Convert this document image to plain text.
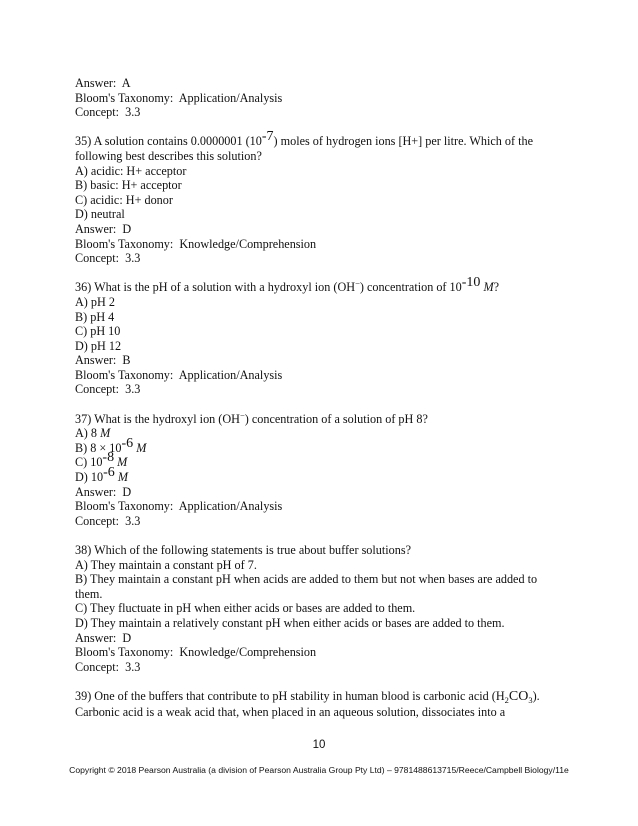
Answer:  A
Bloom's Taxonomy:  Application/Analysis
Concept:  3.3
35) A solution contains 0.0000001 (10-7) moles of hydrogen ions [H+] per litre. Which of the
following best describes this solution?
A) acidic: H+ acceptor
B) basic: H+ acceptor
C) acidic: H+ donor
D) neutral
Answer:  D
Bloom's Taxonomy:  Knowledge/Comprehension
Concept:  3.3
36) What is the pH of a solution with a hydroxyl ion (OH−) concentration of 10-10 M?
A) pH 2
B) pH 4
C) pH 10
D) pH 12
Answer:  B
Bloom's Taxonomy:  Application/Analysis
Concept:  3.3
37) What is the hydroxyl ion (OH−) concentration of a solution of pH 8?
A) 8 M
B) 8 × 10-6 M
C) 10-8 M
D) 10-6 M
Answer:  D
Bloom's Taxonomy:  Application/Analysis
Concept:  3.3
38) Which of the following statements is true about buffer solutions?
A) They maintain a constant pH of 7.
B) They maintain a constant pH when acids are added to them but not when bases are added to
them.
C) They fluctuate in pH when either acids or bases are added to them.
D) They maintain a relatively constant pH when either acids or bases are added to them.
Answer:  D
Bloom's Taxonomy:  Knowledge/Comprehension
Concept:  3.3
39) One of the buffers that contribute to pH stability in human blood is carbonic acid $(H_2CO_3)$.
Carbonic acid is a weak acid that, when placed in an aqueous solution, dissociates into a
10
Copyright © 2018 Pearson Australia (a division of Pearson Australia Group Pty Ltd) – 9781488613715/Reece/Campbell Biology/11e
